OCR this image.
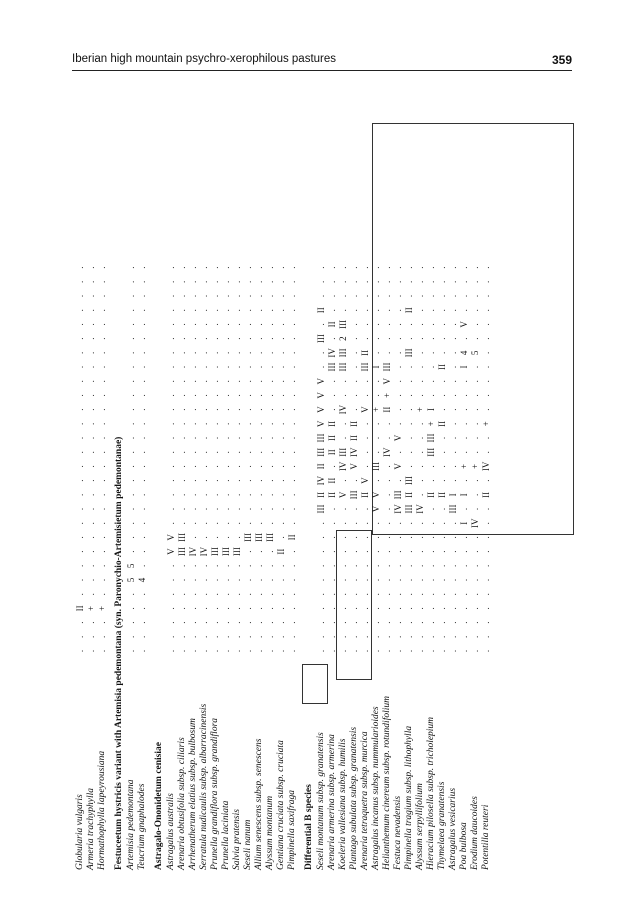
Iberian high mountain psychro-xerophilous pastures	359
Globularia vulgaris
.
.
.
II
.
.
.
.
.
.
.
.
.
.
.
.
.
.
.
.
.
.
.
.
.
.
.
.
Armeria trachyphylla
.
.
.
+
.
.
.
.
.
.
.
.
.
.
.
.
.
.
.
.
.
.
.
.
.
.
.
.
Hormathophylla lapeyrousiana
.
.
.
+
.
.
.
.
.
.
.
.
.
.
.
.
.
.
.
.
.
.
.
.
.
.
.
.
Festuceetum hystricis variant with Artemisia pedemontana (syn. Paronychio-Artemisietum pedemontanae) Artemisia pedemontana
.
.
.
.
.
5
5
.
.
.
.
.
.
.
.
.
.
.
.
.
.
.
.
.
.
.
.
.
Teucrium gnaphalodes
.
.
.
.
.
4
.
.
.
.
.
.
.
.
.
.
.
.
.
.
.
.
.
.
.
.
.
.
Astragalo-Ononidetum cenisiae Astragalus australis
.
.
.
.
.
.
.
V
V
.
.
.
.
.
.
.
.
.
.
.
.
.
.
.
.
.
.
.
Arenaria obtusifolia subsp. ciliaris
.
.
.
.
.
.
.
III
III
.
.
.
.
.
.
.
.
.
.
.
.
.
.
.
.
.
.
.
Arrhenatherum elatius subsp. bulbosum
.
.
.
.
.
.
.
IV
.
.
.
.
.
.
.
.
.
.
.
.
.
.
.
.
.
.
.
.
Serratula nudicaulis subsp. albarracinensis
.
.
.
.
.
.
.
IV
.
.
.
.
.
.
.
.
.
.
.
.
.
.
.
.
.
.
.
.
Prunella grandiflora subsp. grandiflora
.
.
.
.
.
.
.
III
.
.
.
.
.
.
.
.
.
.
.
.
.
.
.
.
.
.
.
.
Prunella laciniata
.
.
.
.
.
.
.
III
.
.
.
.
.
.
.
.
.
.
.
.
.
.
.
.
.
.
.
.
Salvia pratensis
.
.
.
.
.
.
.
III
.
.
.
.
.
.
.
.
.
.
.
.
.
.
.
.
.
.
.
.
Seseli nanum
.
.
.
.
.
.
.
.
III
.
.
.
.
.
.
.
.
.
.
.
.
.
.
.
.
.
.
.
Allium senescens subsp. senescens
.
.
.
.
.
.
.
.
III
.
.
.
.
.
.
.
.
.
.
.
.
.
.
.
.
.
.
.
Alyssum montanum
.
.
.
.
.
.
.
.
III
.
.
.
.
.
.
.
.
.
.
.
.
.
.
.
.
.
.
.
Gentiana cruciata subsp. cruciata
.
.
.
.
.
.
.
II
.
.
.
.
.
.
.
.
.
.
.
.
.
.
.
.
.
.
.
.
Pimpinella saxifraga
.
.
.
.
.
.
.
.
II
.
.
.
.
.
.
.
.
.
.
.
.
.
.
.
.
.
.
.
Differential B species Seseli montanum subsp. granatensis
.
.
.
.
.
.
.
.
.
.
III
II
IV
II
III
III
V
V
V
V
.
.
III
.
II
.
.
.
Arenaria armerina subsp. armerina
.
.
.
.
.
.
.
.
.
.
.
II
II
.
II
II
II
.
.
.
III
IV
.
II
.
.
.
.
Koeleria vallesiana subsp. humilis
.
.
.
.
.
.
.
.
.
.
.
V
.
IV
III
.
.
IV
.
.
III
III
2
III
.
.
.
.
Plantago subulata subsp. granatensis
.
.
.
.
.
.
.
.
.
.
.
III
.
V
IV
II
II
.
.
.
.
.
.
.
.
.
.
.
Arenaria tetraquetra subsp. murcica
.
.
.
.
.
.
.
.
.
.
.
II
V
.
.
.
.
V
.
.
III
II
.
.
.
.
.
.
Astragalus incanus subsp. nummularioides
.
.
.
.
.
.
.
.
.
.
V
V
.
III
.
.
.
+
.
.
I
.
.
.
.
.
.
.
Helianthemum cinereum subsp. rotundifolium
.
.
.
.
.
.
.
.
.
.
.
.
.
.
IV
.
.
II
+
V
III
.
.
.
.
.
.
.
Festuca nevadensis
.
.
.
.
.
.
.
.
.
.
IV
III
.
V
.
V
.
.
.
.
.
.
.
.
.
.
.
.
Pimpinella tragium subsp. lithophylla
.
.
.
.
.
.
.
.
.
.
III
II
III
.
.
.
.
.
.
.
.
III
.
.
II
.
.
.
Alyssum serpyllifolium
.
.
.
.
.
.
.
.
.
.
IV
.
.
.
.
.
.
+
.
.
.
.
.
.
.
.
.
.
Hieracium pilosella subsp. tricholepium
.
.
.
.
.
.
.
.
.
.
.
II
.
.
III
III
+
I
.
.
.
.
.
.
.
.
.
.
Thymelaea granatensis
.
.
.
.
.
.
.
.
.
.
.
II
.
.
.
.
II
.
.
.
II
.
.
.
.
.
.
.
Astragalus vesicarius
.
.
.
.
.
.
.
.
.
.
III
I
.
.
.
.
.
.
.
.
.
.
.
.
.
.
.
.
Poa bulbosa
.
.
.
.
.
.
.
.
.
I
.
I
.
+
.
.
.
.
.
.
I
4
.
V
.
.
.
.
Erodium daucoides
.
.
.
.
.
.
.
.
.
IV
.
.
.
+
.
.
.
.
.
.
.
5
.
.
.
.
.
.
Potentilla reuteri
.
.
.
.
.
.
.
.
.
.
.
II
.
IV
.
.
+
.
.
.
.
.
.
.
.
.
.
.
